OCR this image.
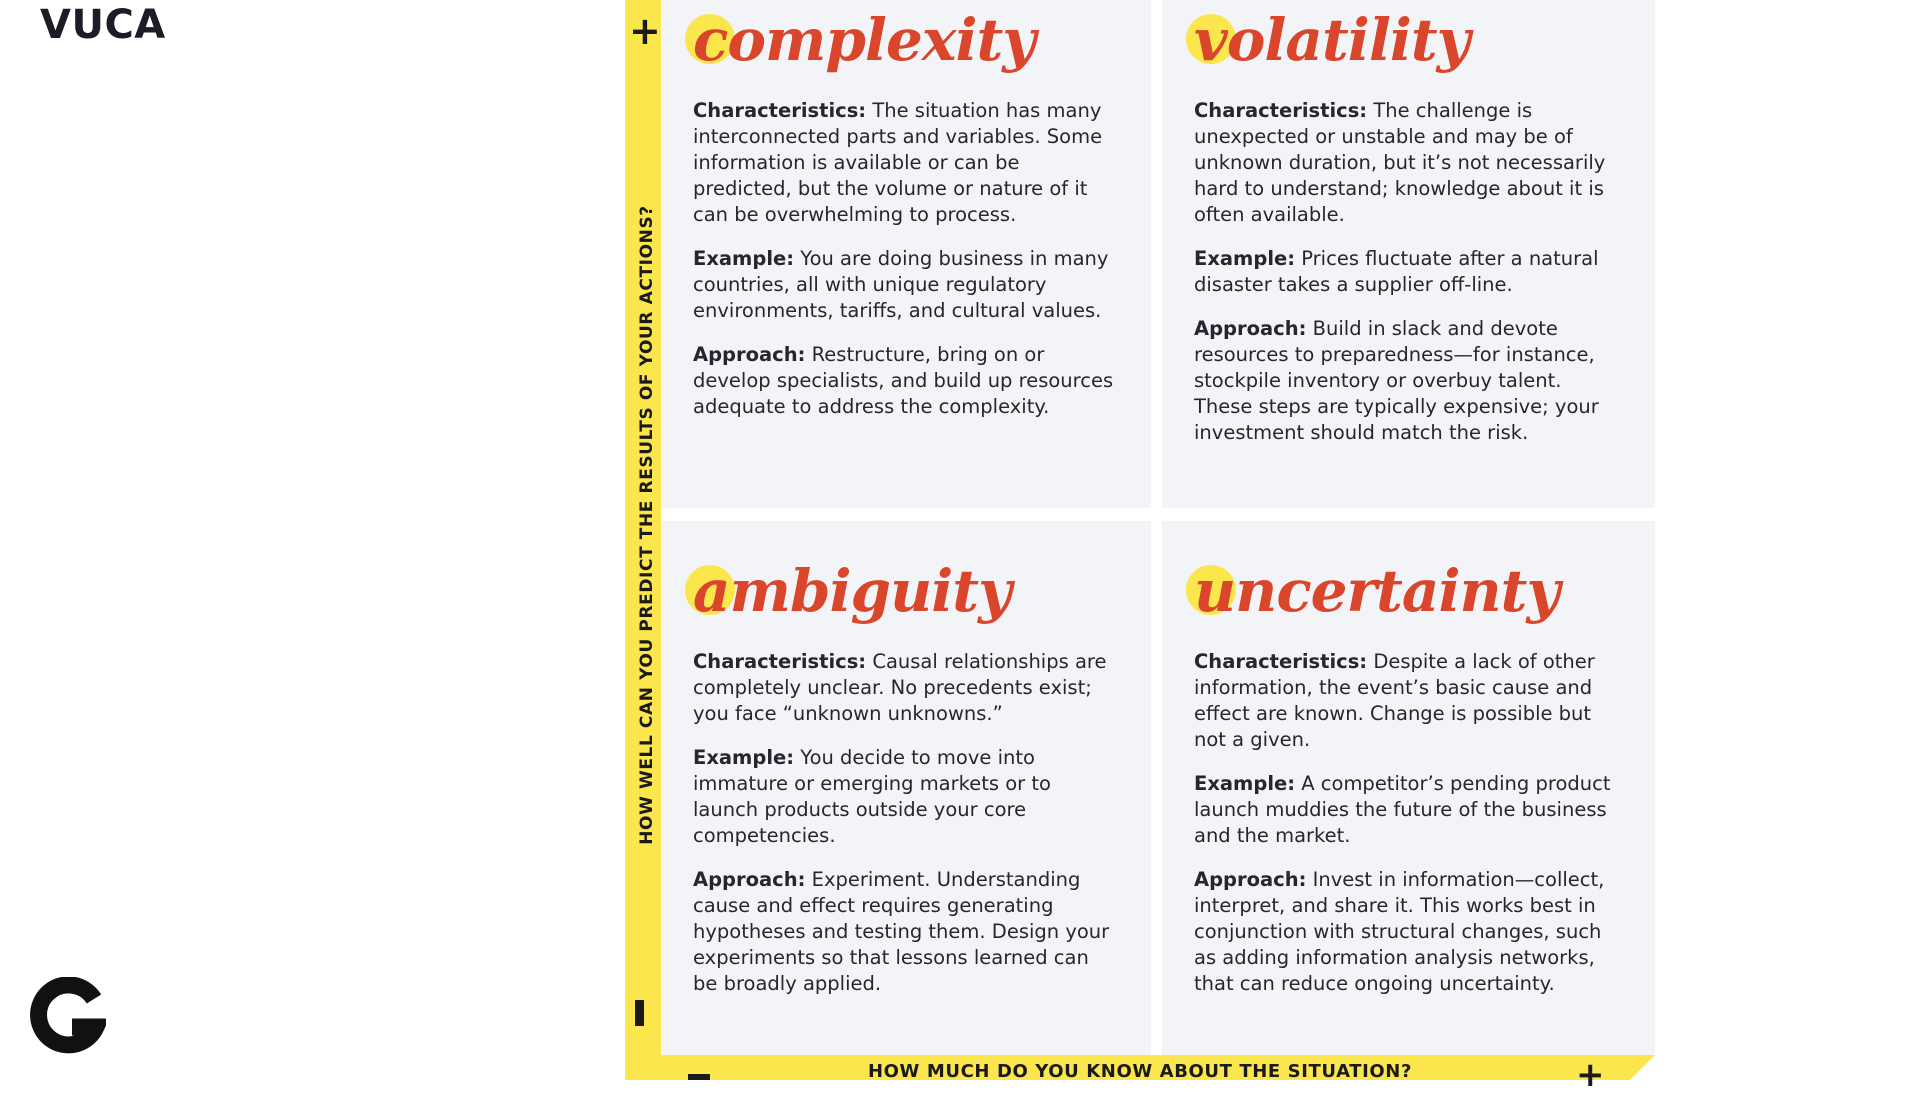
VUCA	+
HOW WELL CAN YOU PREDICT THE RESULTS OF YOUR ACTIONS?
HOW MUCH DO YOU KNOW ABOUT THE SITUATION?	+
complexity

Characteristics: The situation has many interconnected parts and variables. Some information is available or can be predicted, but the volume or nature of it can be overwhelming to process.

Example: You are doing business in many countries, all with unique regulatory environments, tariffs, and cultural values.

Approach: Restructure, bring on or develop specialists, and build up resources adequate to address the complexity.

volatility

Characteristics: The challenge is unexpected or unstable and may be of unknown duration, but it’s not necessarily hard to understand; knowledge about it is often available.

Example: Prices fluctuate after a natural disaster takes a supplier off-line.

Approach: Build in slack and devote resources to preparedness—for instance, stockpile inventory or overbuy talent. These steps are typically expensive; your investment should match the risk.

ambiguity

Characteristics: Causal relationships are completely unclear. No precedents exist; you face “unknown unknowns.”

Example: You decide to move into immature or emerging markets or to launch products outside your core competencies.

Approach: Experiment. Understanding cause and effect requires generating hypotheses and testing them. Design your experiments so that lessons learned can be broadly applied.

uncertainty

Characteristics: Despite a lack of other information, the event’s basic cause and effect are known. Change is possible but not a given.

Example: A competitor’s pending product launch muddies the future of the business and the market.

Approach: Invest in information—collect, interpret, and share it. This works best in conjunction with structural changes, such as adding information analysis networks, that can reduce ongoing uncertainty.
